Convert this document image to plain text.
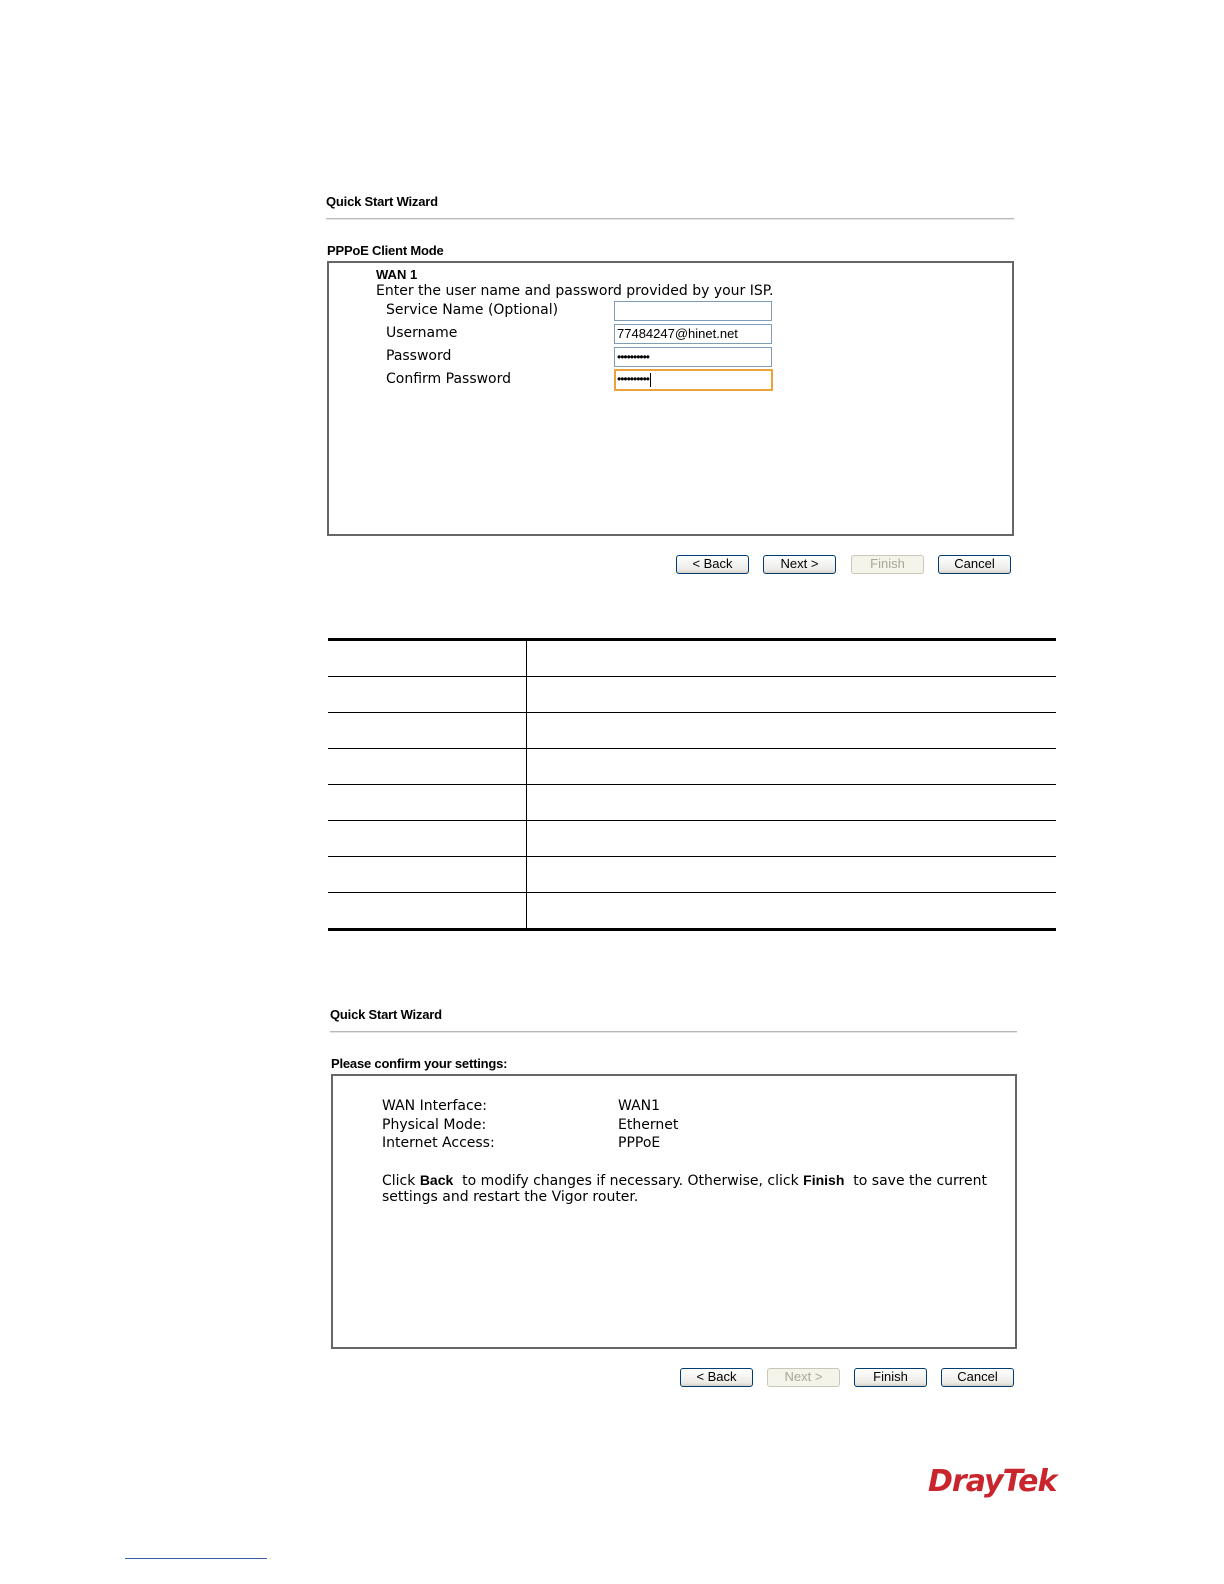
Quick Start Wizard
PPPoE Client Mode
WAN 1
Enter the user name and password provided by your ISP.
Service Name (Optional)
Username	77484247@hinet.net
Password	••••••••••
Confirm Password	••••••••••
< Back	Next >	Finish	Cancel
Quick Start Wizard
Please confirm your settings:
WAN Interface:	WAN1
Physical Mode:	Ethernet
Internet Access:	PPPoE
Click Back  to modify changes if necessary. Otherwise, click Finish  to save the current
settings and restart the Vigor router.
< Back	Next >	Finish	Cancel
DrayTek
